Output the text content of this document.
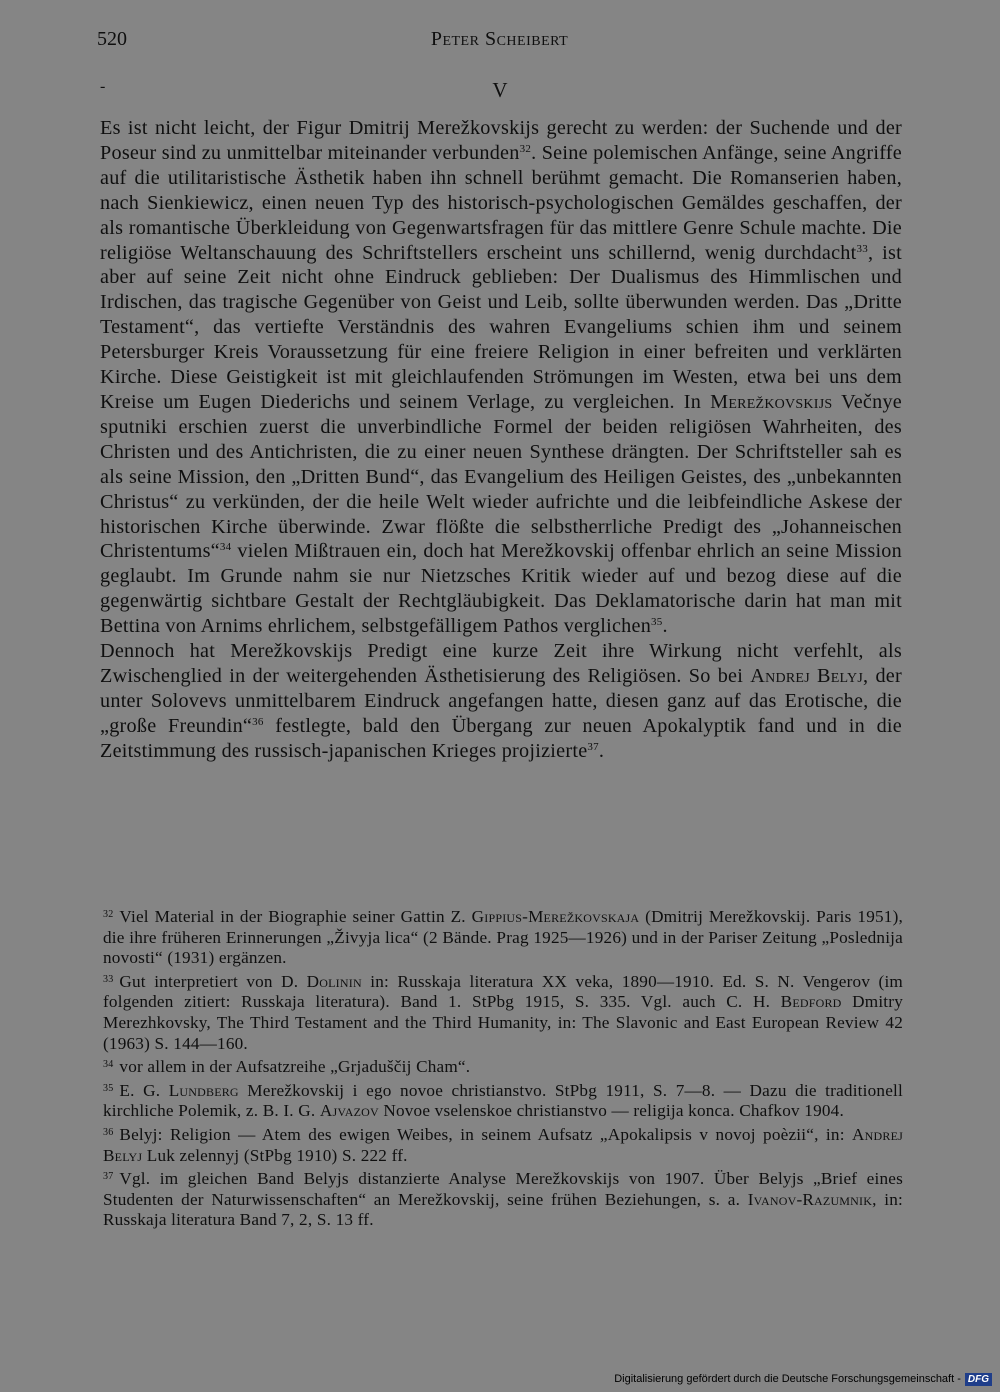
520	Peter Scheibert
‐	V

Es ist nicht leicht, der Figur Dmitrij Merežkovskijs gerecht zu werden: der Suchende und der Poseur sind zu unmittelbar miteinander verbunden$^{32}$. Seine polemischen Anfänge, seine Angriffe auf die utilitaristische Ästhetik haben ihn schnell berühmt gemacht. Die Romanserien haben, nach Sienkiewicz, einen neuen Typ des historisch-psychologischen Gemäldes geschaffen, der als romantische Überkleidung von Gegenwartsfragen für das mittlere Genre Schule machte. Die religiöse Weltanschauung des Schriftstellers erscheint uns schillernd, wenig durchdacht$^{33}$, ist aber auf seine Zeit nicht ohne Eindruck geblieben: Der Dualismus des Himmlischen und Irdischen, das tragische Gegenüber von Geist und Leib, sollte überwunden werden. Das „Dritte Testament“, das vertiefte Verständnis des wahren Evangeliums schien ihm und seinem Petersburger Kreis Voraussetzung für eine freiere Religion in einer befreiten und verklärten Kirche. Diese Geistigkeit ist mit gleichlaufenden Strömungen im Westen, etwa bei uns dem Kreise um Eugen Diederichs und seinem Verlage, zu vergleichen. In Merežkovskijs Večnye sputniki erschien zuerst die unverbindliche Formel der beiden religiösen Wahrheiten, des Christen und des Antichristen, die zu einer neuen Synthese drängten. Der Schriftsteller sah es als seine Mission, den „Dritten Bund“, das Evangelium des Heiligen Geistes, des „unbekannten Christus“ zu verkünden, der die heile Welt wieder aufrichte und die leibfeindliche Askese der historischen Kirche überwinde. Zwar flößte die selbstherrliche Predigt des „Johanneischen Christentums“$^{34}$ vielen Mißtrauen ein, doch hat Merežkovskij offenbar ehrlich an seine Mission geglaubt. Im Grunde nahm sie nur Nietzsches Kritik wieder auf und bezog diese auf die gegenwärtig sichtbare Gestalt der Rechtgläubigkeit. Das Deklamatorische darin hat man mit Bettina von Arnims ehrlichem, selbstgefälligem Pathos verglichen$^{35}$.

Dennoch hat Merežkovskijs Predigt eine kurze Zeit ihre Wirkung nicht verfehlt, als Zwischenglied in der weitergehenden Ästhetisierung des Religiösen. So bei Andrej Belyj, der unter Solovevs unmittelbarem Eindruck angefangen hatte, diesen ganz auf das Erotische, die „große Freundin“$^{36}$ festlegte, bald den Übergang zur neuen Apokalyptik fand und in die Zeitstimmung des russisch-japanischen Krieges projizierte$^{37}$.

$^{32}$ Viel Material in der Biographie seiner Gattin Z. Gippius-Merežkovskaja (Dmitrij Merežkovskij. Paris 1951), die ihre früheren Erinnerungen „Živyja lica“ (2 Bände. Prag 1925—1926) und in der Pariser Zeitung „Poslednija novosti“ (1931) ergänzen.

$^{33}$ Gut interpretiert von D. Dolinin in: Russkaja literatura XX veka, 1890—1910. Ed. S. N. Vengerov (im folgenden zitiert: Russkaja literatura). Band 1. StPbg 1915, S. 335. Vgl. auch C. H. Bedford Dmitry Merezhkovsky, The Third Testament and the Third Humanity, in: The Slavonic and East European Review 42 (1963) S. 144—160.

$^{34}$ vor allem in der Aufsatzreihe „Grjaduščij Cham“.

$^{35}$ E. G. Lundberg Merežkovskij i ego novoe christianstvo. StPbg 1911, S. 7—8. — Dazu die traditionell kirchliche Polemik, z. B. I. G. Ajvazov Novoe vselenskoe christianstvo — religija konca. Chafkov 1904.

$^{36}$ Belyj: Religion — Atem des ewigen Weibes, in seinem Aufsatz „Apokalipsis v novoj poèzii“, in: Andrej Belyj Luk zelennyj (StPbg 1910) S. 222 ff.

$^{37}$ Vgl. im gleichen Band Belyjs distanzierte Analyse Merežkovskijs von 1907. Über Belyjs „Brief eines Studenten der Naturwissenschaften“ an Merežkovskij, seine frühen Beziehungen, s. a. Ivanov-Razumnik, in: Russkaja literatura Band 7, 2, S. 13 ff.

Digitalisierung gefördert durch die Deutsche Forschungsgemeinschaft - DFG
